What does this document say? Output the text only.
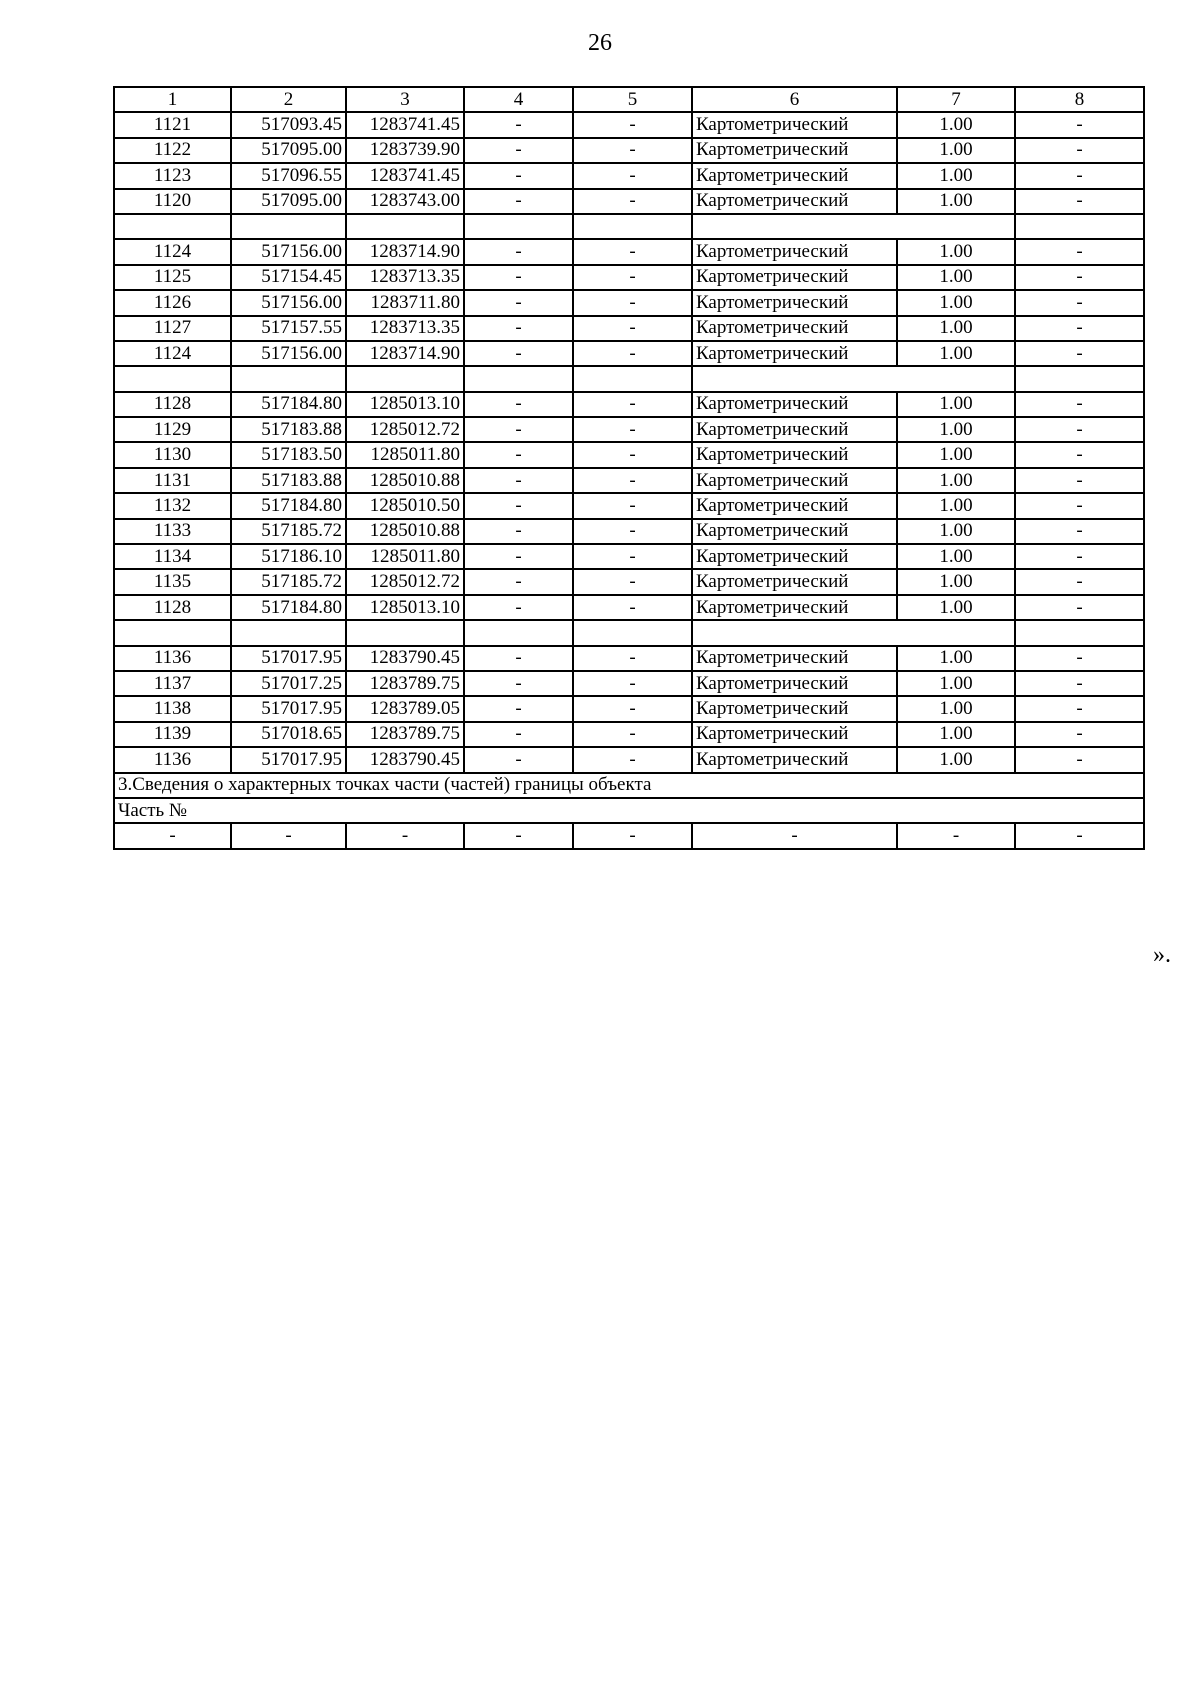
26
1	2	3	4	5	6	7	8
1121	517093.45	1283741.45	-	-	Картометрический	1.00	-
1122	517095.00	1283739.90	-	-	Картометрический	1.00	-
1123	517096.55	1283741.45	-	-	Картометрический	1.00	-
1120	517095.00	1283743.00	-	-	Картометрический	1.00	-

1124	517156.00	1283714.90	-	-	Картометрический	1.00	-
1125	517154.45	1283713.35	-	-	Картометрический	1.00	-
1126	517156.00	1283711.80	-	-	Картометрический	1.00	-
1127	517157.55	1283713.35	-	-	Картометрический	1.00	-
1124	517156.00	1283714.90	-	-	Картометрический	1.00	-

1128	517184.80	1285013.10	-	-	Картометрический	1.00	-
1129	517183.88	1285012.72	-	-	Картометрический	1.00	-
1130	517183.50	1285011.80	-	-	Картометрический	1.00	-
1131	517183.88	1285010.88	-	-	Картометрический	1.00	-
1132	517184.80	1285010.50	-	-	Картометрический	1.00	-
1133	517185.72	1285010.88	-	-	Картометрический	1.00	-
1134	517186.10	1285011.80	-	-	Картометрический	1.00	-
1135	517185.72	1285012.72	-	-	Картометрический	1.00	-
1128	517184.80	1285013.10	-	-	Картометрический	1.00	-

1136	517017.95	1283790.45	-	-	Картометрический	1.00	-
1137	517017.25	1283789.75	-	-	Картометрический	1.00	-
1138	517017.95	1283789.05	-	-	Картометрический	1.00	-
1139	517018.65	1283789.75	-	-	Картометрический	1.00	-
1136	517017.95	1283790.45	-	-	Картометрический	1.00	-
3.Сведения о характерных точках части (частей) границы объекта							
Часть №							
-	-	-	-	-	-	-	-
».
